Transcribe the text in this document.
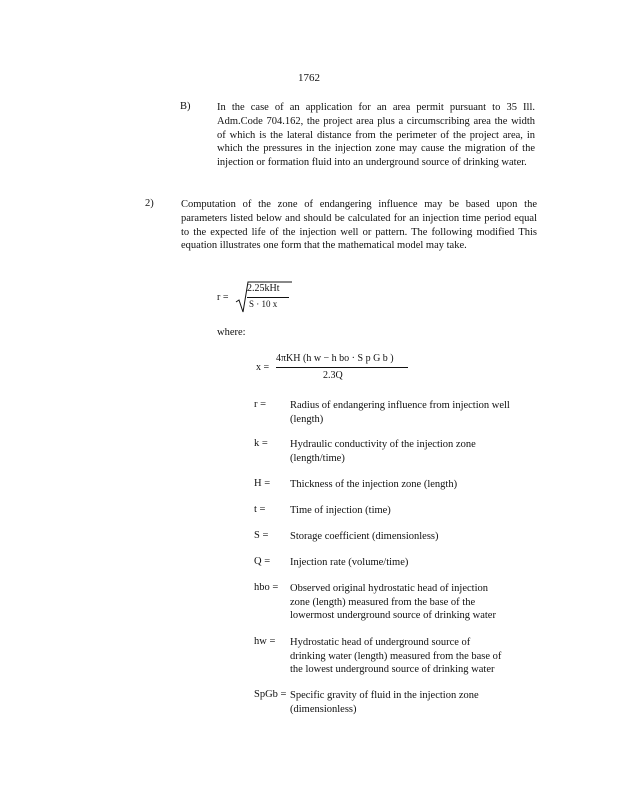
1762
B)	In the case of an application for an area permit pursuant to 35 Ill. Adm.Code 704.162, the project area plus a circumscribing area the width of which is the lateral distance from the perimeter of the project area, in which the pressures in the injection zone may cause the migration of the injection or formation fluid into an underground source of drinking water.
2)	Computation of the zone of endangering influence may be based upon the parameters listed below and should be calculated for an injection time period equal to the expected life of the injection well or pattern. The following modified This equation illustrates one form that the mathematical model may take.
r =
2.25kHt
S · 10 x
where:
x =
4πKH (h w − h bo · S p G b )
2.3Q
r = Radius of endangering influence from injection well (length)
k = Hydraulic conductivity of the injection zone (length/time)
H = Thickness of the injection zone (length)
t = Time of injection (time)
S = Storage coefficient (dimensionless)
Q = Injection rate (volume/time)
hbo = Observed original hydrostatic head of injection zone (length) measured from the base of the lowermost underground source of drinking water
hw = Hydrostatic head of underground source of drinking water (length) measured from the base of the lowest underground source of drinking water
SpGb = Specific gravity of fluid in the injection zone (dimensionless)
